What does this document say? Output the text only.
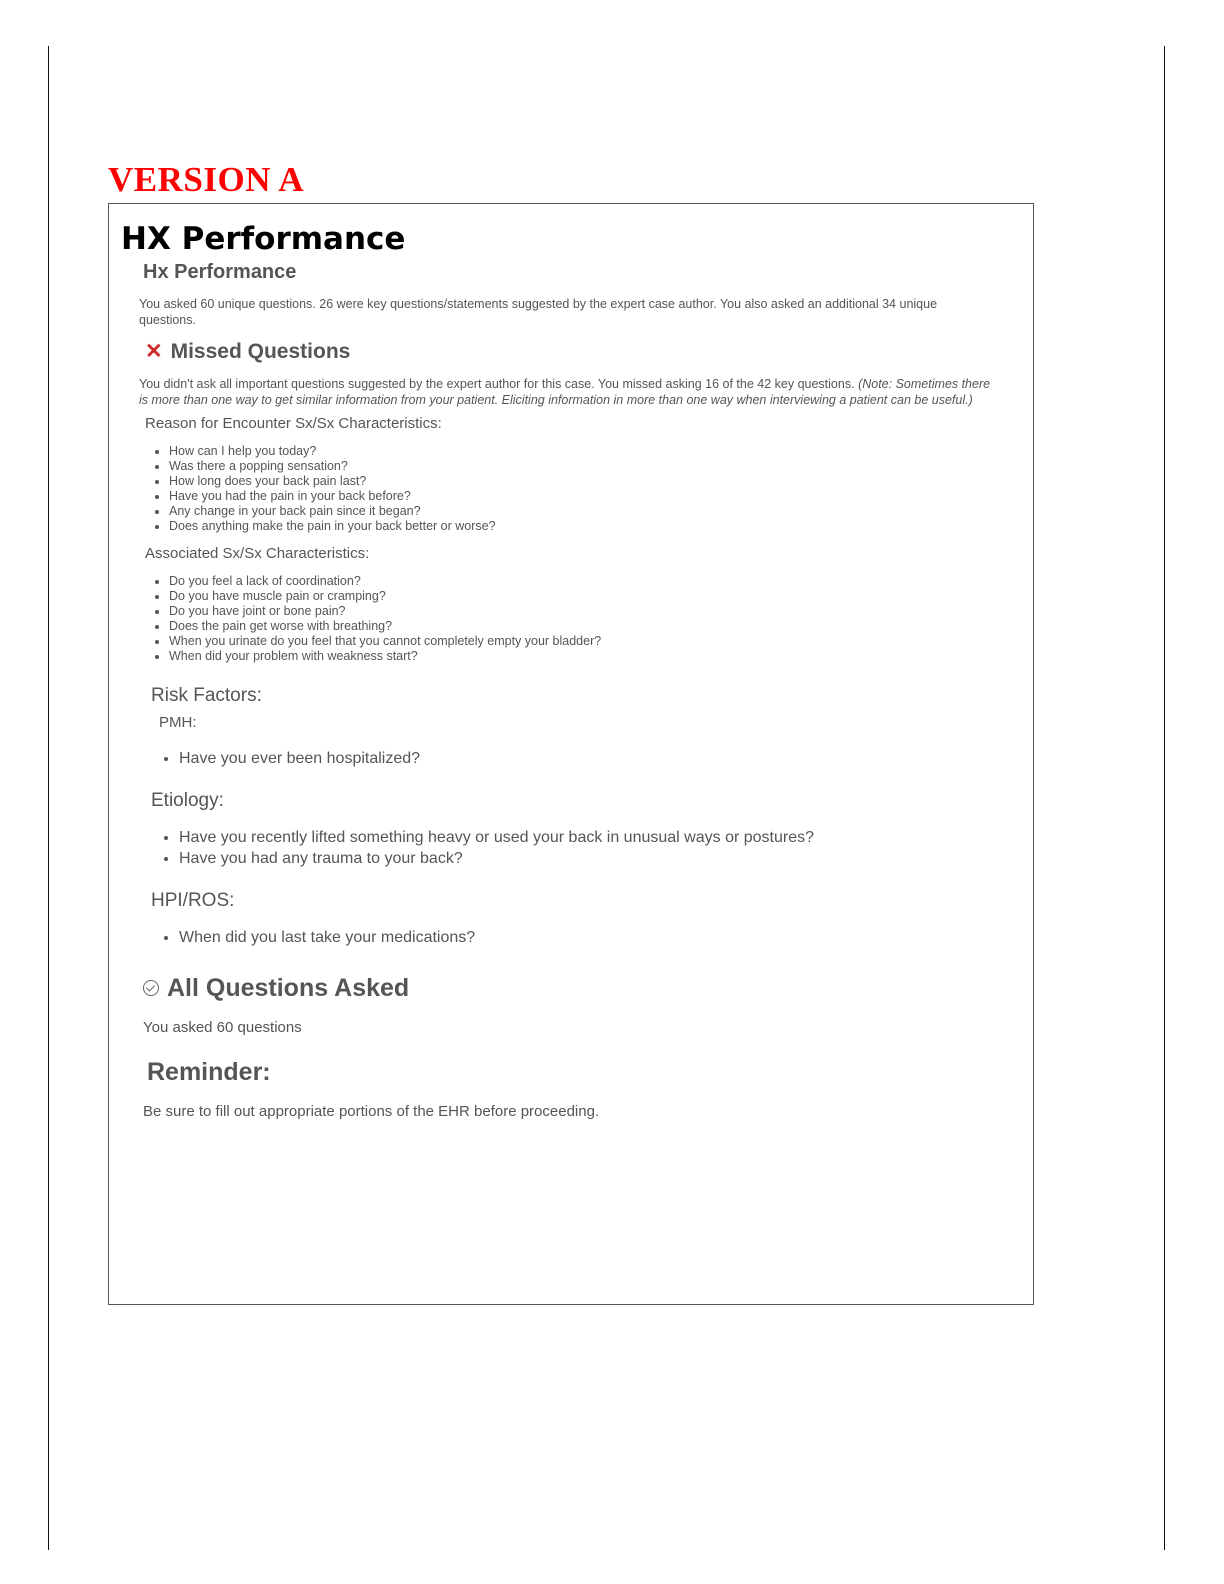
VERSION A
HX Performance
Hx Performance

You asked 60 unique questions. 26 were key questions/statements suggested by the expert case author. You also asked an additional 34 unique questions.

✕ Missed Questions

You didn't ask all important questions suggested by the expert author for this case. You missed asking 16 of the 42 key questions. (Note: Sometimes there is more than one way to get similar information from your patient. Eliciting information in more than one way when interviewing a patient can be useful.)

Reason for Encounter Sx/Sx Characteristics:
• How can I help you today?
• Was there a popping sensation?
• How long does your back pain last?
• Have you had the pain in your back before?
• Any change in your back pain since it began?
• Does anything make the pain in your back better or worse?
Associated Sx/Sx Characteristics:
• Do you feel a lack of coordination?
• Do you have muscle pain or cramping?
• Do you have joint or bone pain?
• Does the pain get worse with breathing?
• When you urinate do you feel that you cannot completely empty your bladder?
• When did your problem with weakness start?
Risk Factors:
PMH:
• Have you ever been hospitalized?
Etiology:
• Have you recently lifted something heavy or used your back in unusual ways or postures?
• Have you had any trauma to your back?
HPI/ROS:
• When did you last take your medications?
All Questions Asked

You asked 60 questions

Reminder:

Be sure to fill out appropriate portions of the EHR before proceeding.
